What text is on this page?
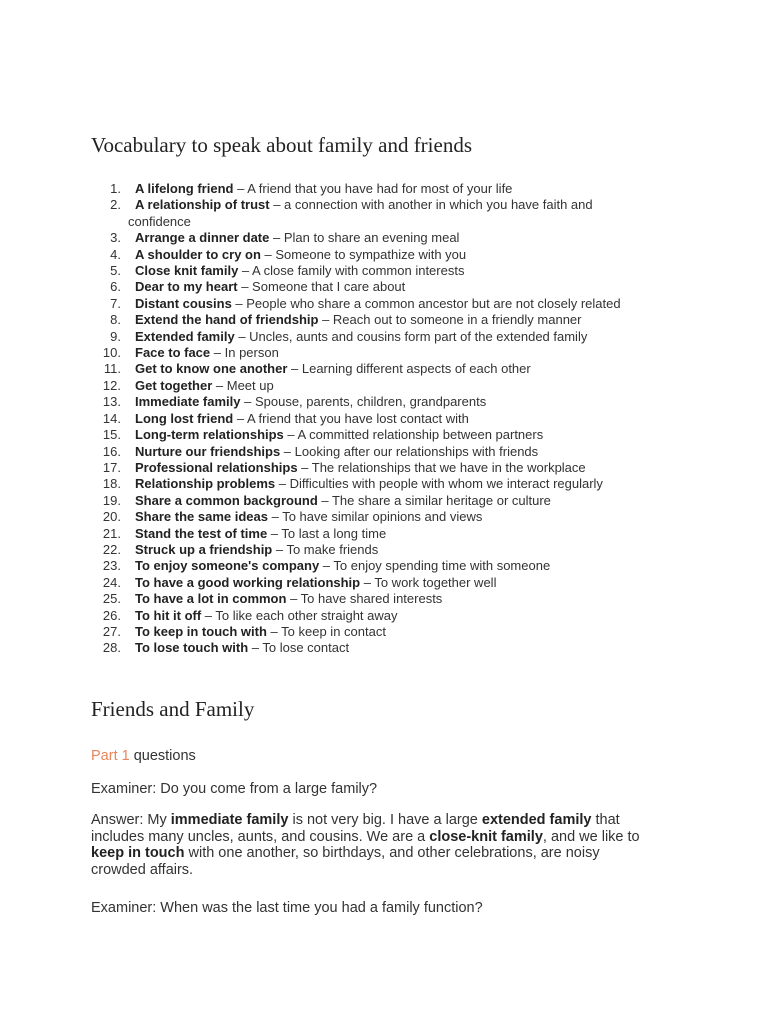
Vocabulary to speak about family and friends
1. A lifelong friend – A friend that you have had for most of your life
2. A relationship of trust – a connection with another in which you have faith and
confidence
3. Arrange a dinner date – Plan to share an evening meal
4. A shoulder to cry on – Someone to sympathize with you
5. Close knit family – A close family with common interests
6. Dear to my heart – Someone that I care about
7. Distant cousins – People who share a common ancestor but are not closely related
8. Extend the hand of friendship – Reach out to someone in a friendly manner
9. Extended family – Uncles, aunts and cousins form part of the extended family
10. Face to face – In person
11. Get to know one another – Learning different aspects of each other
12. Get together – Meet up
13. Immediate family – Spouse, parents, children, grandparents
14. Long lost friend – A friend that you have lost contact with
15. Long-term relationships – A committed relationship between partners
16. Nurture our friendships – Looking after our relationships with friends
17. Professional relationships – The relationships that we have in the workplace
18. Relationship problems – Difficulties with people with whom we interact regularly
19. Share a common background – The share a similar heritage or culture
20. Share the same ideas – To have similar opinions and views
21. Stand the test of time – To last a long time
22. Struck up a friendship – To make friends
23. To enjoy someone's company – To enjoy spending time with someone
24. To have a good working relationship – To work together well
25. To have a lot in common – To have shared interests
26. To hit it off – To like each other straight away
27. To keep in touch with – To keep in contact
28. To lose touch with – To lose contact
Friends and Family

Part 1 questions

Examiner: Do you come from a large family?

Answer: My immediate family is not very big. I have a large extended family that includes many uncles, aunts, and cousins. We are a close-knit family, and we like to keep in touch with one another, so birthdays, and other celebrations, are noisy crowded affairs.

Examiner: When was the last time you had a family function?
